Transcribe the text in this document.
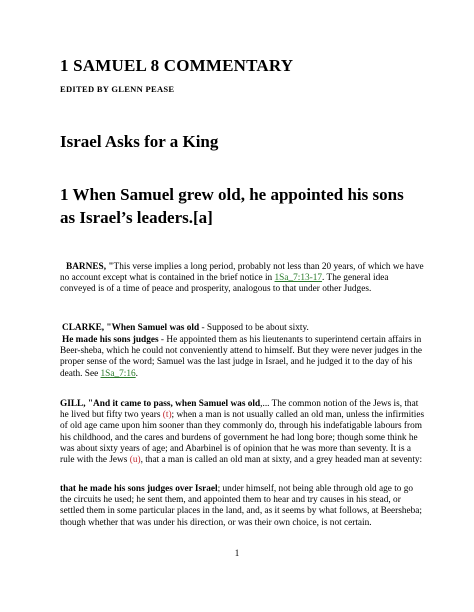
1 SAMUEL 8 COMMENTARY
EDITED BY GLENN PEASE
Israel Asks for a King
1 When Samuel grew old, he appointed his sons as Israel’s leaders.[a]
BARNES, "This verse implies a long period, probably not less than 20 years, of which we have no account except what is contained in the brief notice in 1Sa_7:13-17. The general idea conveyed is of a time of peace and prosperity, analogous to that under other Judges.
CLARKE, "When Samuel was old - Supposed to be about sixty.
He made his sons judges - He appointed them as his lieutenants to superintend certain affairs in Beer-sheba, which he could not conveniently attend to himself. But they were never judges in the proper sense of the word; Samuel was the last judge in Israel, and he judged it to the day of his death. See 1Sa_7:16.
GILL, "And it came to pass, when Samuel was old,... The common notion of the Jews is, that he lived but fifty two years (t); when a man is not usually called an old man, unless the infirmities of old age came upon him sooner than they commonly do, through his indefatigable labours from his childhood, and the cares and burdens of government he had long bore; though some think he was about sixty years of age; and Abarbinel is of opinion that he was more than seventy. It is a rule with the Jews (u), that a man is called an old man at sixty, and a grey headed man at seventy:
that he made his sons judges over Israel; under himself, not being able through old age to go the circuits he used; he sent them, and appointed them to hear and try causes in his stead, or settled them in some particular places in the land, and, as it seems by what follows, at Beersheba; though whether that was under his direction, or was their own choice, is not certain.
1
